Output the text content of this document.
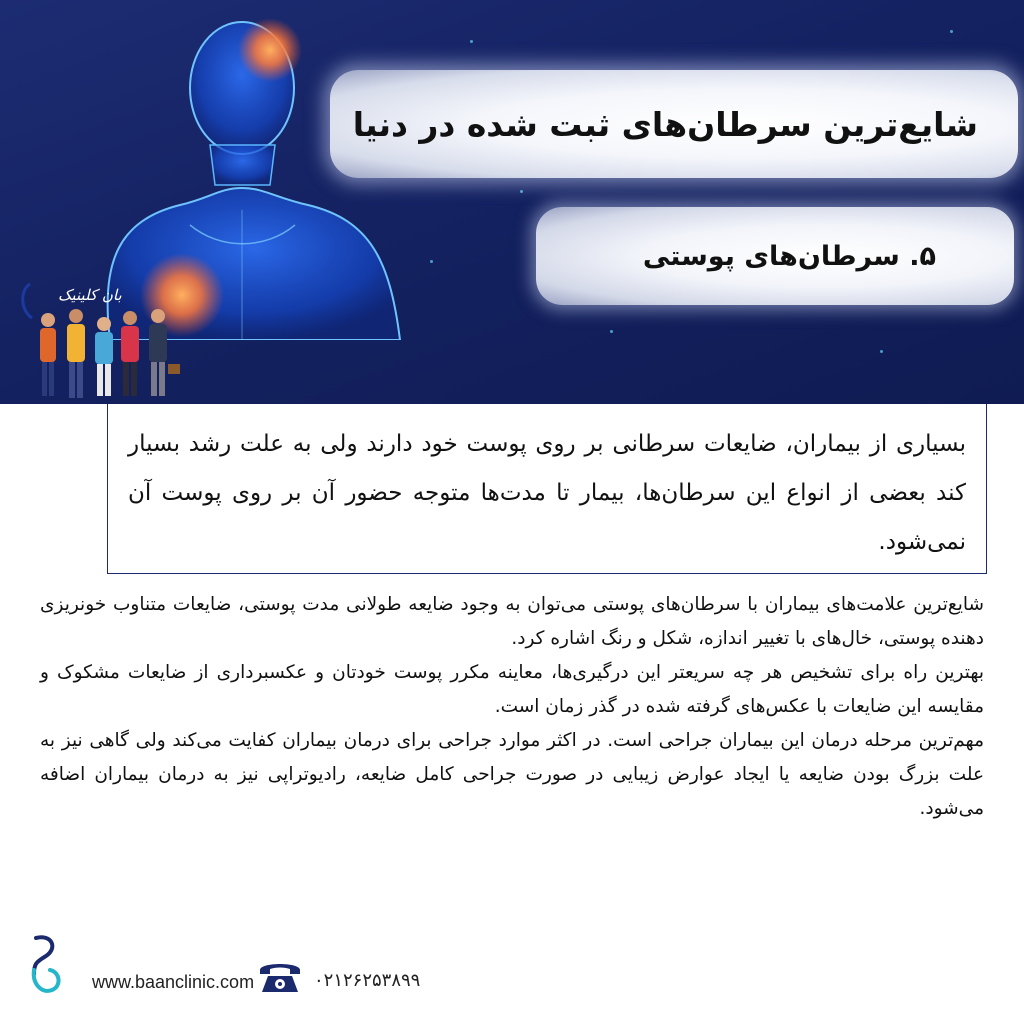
بان کلینیک
شایع‌ترین سرطان‌های ثبت شده در دنیا
۵. سرطان‌های پوستی

بسیاری از بیماران، ضایعات سرطانی بر روی پوست خود دارند ولی به علت رشد بسیار کند بعضی از انواع این سرطان‌ها، بیمار تا مدت‌ها متوجه حضور آن بر روی پوست آن نمی‌شود.

شایع‌ترین علامت‌های بیماران با سرطان‌های پوستی می‌توان به وجود ضایعه طولانی مدت پوستی، ضایعات متناوب خونریزی دهنده پوستی، خال‌های با تغییر اندازه، شکل و رنگ اشاره کرد.

بهترین راه برای تشخیص هر چه سریعتر این درگیری‌ها، معاینه مکرر پوست خودتان و عکسبرداری از ضایعات مشکوک و مقایسه این ضایعات با عکس‌های گرفته شده در گذر زمان است.

مهم‌ترین مرحله درمان این بیماران جراحی است. در اکثر موارد جراحی برای درمان بیماران کفایت می‌کند ولی گاهی نیز به علت بزرگ بودن ضایعه یا ایجاد عوارض زیبایی در صورت جراحی کامل ضایعه، رادیوتراپی نیز به درمان بیماران اضافه می‌شود.

www.baanclinic.com	۰۲۱۲۶۲۵۳۸۹۹
